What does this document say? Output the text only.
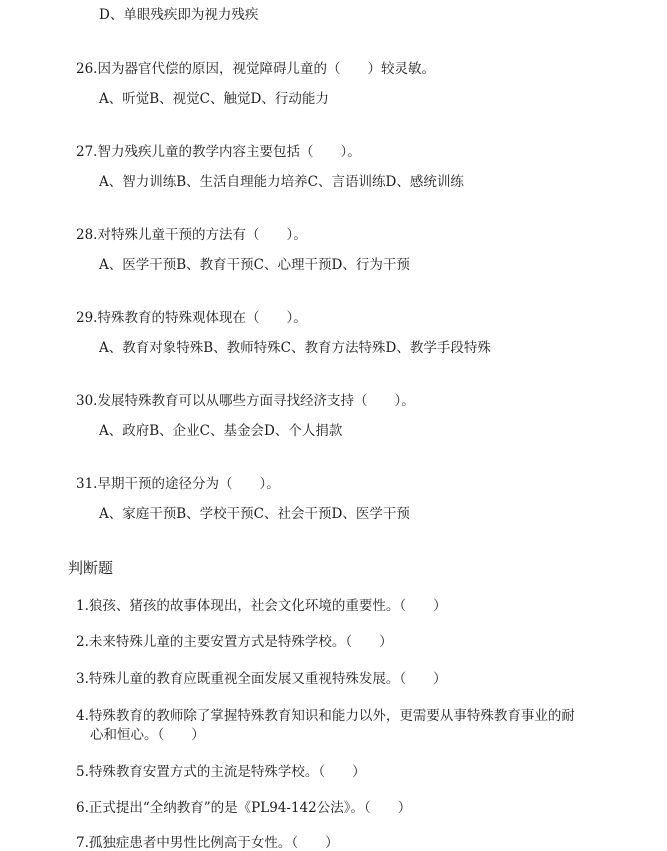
D、单眼残疾即为视力残疾
26.因为器官代偿的原因，视觉障碍儿童的（　　）较灵敏。
A、听觉B、视觉C、触觉D、行动能力
27.智力残疾儿童的教学内容主要包括（　　）。
A、智力训练B、生活自理能力培养C、言语训练D、感统训练
28.对特殊儿童干预的方法有（　　）。
A、医学干预B、教育干预C、心理干预D、行为干预
29.特殊教育的特殊观体现在（　　）。
A、教育对象特殊B、教师特殊C、教育方法特殊D、教学手段特殊
30.发展特殊教育可以从哪些方面寻找经济支持（　　）。
A、政府B、企业C、基金会D、个人捐款
31.早期干预的途径分为（　　）。
A、家庭干预B、学校干预C、社会干预D、医学干预
判断题
1.狼孩、猪孩的故事体现出，社会文化环境的重要性。（　　）
2.未来特殊儿童的主要安置方式是特殊学校。（　　）
3.特殊儿童的教育应既重视全面发展又重视特殊发展。（　　）
4.特殊教育的教师除了掌握特殊教育知识和能力以外，更需要从事特殊教育事业的耐
心和恒心。（　　）
5.特殊教育安置方式的主流是特殊学校。（　　）
6.正式提出“全纳教育”的是《PL94-142公法》。（　　）
7.孤独症患者中男性比例高于女性。（　　）
